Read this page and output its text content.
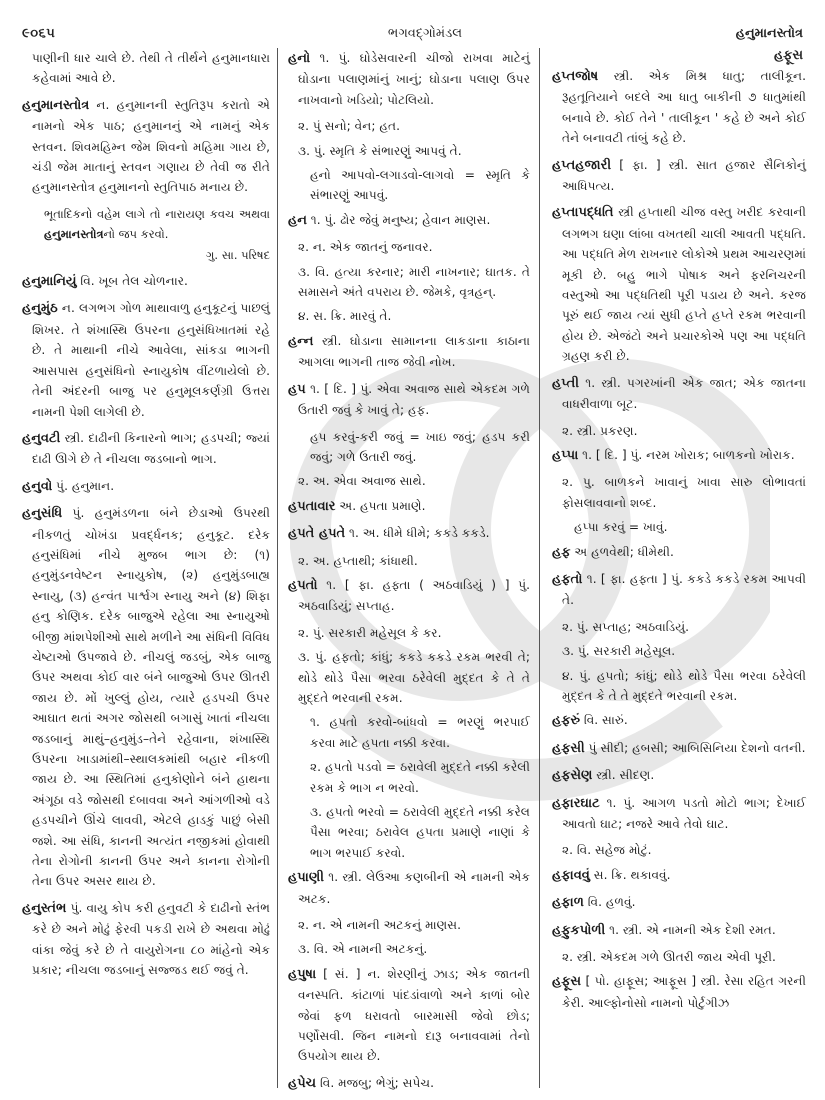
૯૦૬૫	ભગવદ્ગોમંડલ	હનુમાનસ્તોત્ર
હફૂસ

પાણીની ધાર ચાલે છે. તેથી તે તીર્થને હનુમાનધારા કહેવામાં આવે છે.

હનુમાનસ્તોત્ર ન. હનુમાનની સ્તુતિરૂપ કરાતો એ નામનો એક પાઠ; હનુમાનનું એ નામનું એક સ્તવન. શિવમહિમ્ન જેમ શિવનો મહિમા ગાય છે, ચંડી જેમ માતાનું સ્તવન ગણાય છે તેવી જ રીતે હનુમાનસ્તોત્ર હનુમાનનો સ્તુતિપાઠ મનાય છે.
ભૂતાદિકનો વહેમ લાગે તો નારાયણ કવચ અથવા હનુમાનસ્તોત્રનો જપ કરવો.
ગુ. સા. પરિષદ
હનુમાનિયું વિ. ખૂબ તેલ ચોળનાર.
હનુમુંઠ ન. લગભગ ગોળ માથાવાળુ હનુકૂટનું પાછલું શિખર. તે શંખાસ્થિ ઉપરના હનુસંધિખાતમાં રહે છે. તે માથાની નીચે આવેલા, સાંકડા ભાગની આસપાસ હનુસંધિનો સ્નાયુકોષ વીંટળાયેલો છે. તેની અંદરની બાજુ પર હનુમૂલકર્ણગ્રી ઉત્તરા નામની પેશી લાગેલી છે.
હનુવટી સ્ત્રી. દાઢીની કિનારનો ભાગ; હડપચી; જ્યાં દાઢી ઊગે છે તે નીચલા જડબાનો ભાગ.
હનુવો પું. હનુમાન.
હનુસંધિ પું. હનુમંડળના બંને છેડાઓ ઉપરથી નીકળતું ચોખંડા પ્રવર્દ્ધનક; હનુકૂટ. દરેક હનુસંધિમાં નીચે મુજબ ભાગ છે: (૧) હનુમુંડનવેષ્ટન સ્નાયુકોષ, (૨) હનુમુંડબાહ્ય સ્નાયુ, (૩) હન્વંત પાર્શ્વગ સ્નાયુ અને (૪) શિફા હનુ કોણિક. દરેક બાજુએ રહેલા આ સ્નાયુઓ બીજી માંશપેશીઓ સાથે મળીને આ સંધિની વિવિધ ચેષ્ટાઓ ઉપજાવે છે. નીચલું જડબું, એક બાજુ ઉપર અથવા કોઈ વાર બંને બાજુઓ ઉપર ઊતરી જાય છે. મોં ખુલ્લું હોય, ત્યારે હડપચી ઉપર આઘાત થતાં અગર જોસથી બગાસું ખાતાં નીચલા જડબાનું માથું–હનુમુંડ–તેને રહેવાના, શંખાસ્થિ ઉપરના ખાડામાંથી–સ્થાલકમાંથી બહાર નીકળી જાય છે. આ સ્થિતિમાં હનુકોણોને બંને હાથના અંગૂઠા વડે જોસથી દબાવવા અને આંગળીઓ વડે હડપચીને ઊંચે લાવવી, એટલે હાડકું પાછું બેસી જશે. આ સંધિ, કાનની અત્યંત નજીકમાં હોવાથી તેના રોગોની કાનની ઉપર અને કાનના રોગોની તેના ઉપર અસર થાય છે.
હનુસ્તંભ પું. વાયુ કોપ કરી હનુવટી કે દાઢીનો સ્તંભ કરે છે અને મોઢું ફેરવી પકડી રાખે છે અથવા મોઢું વાંકા જેવું કરે છે તે વાયુરોગના ૮૦ માંહેનો એક પ્રકાર; નીચલા જડબાનું સજ્જડ થઈ જવું તે.
હનો ૧. પું. ઘોડેસવારની ચીજો રાખવા માટેનું ઘોડાના પલાણમાંનું ખાનું; ઘોડાના પલાણ ઉપર નાખવાનો ખડિયો; પોટલિયો.
૨. પું સનો; વેન; હત.
૩. પું. સ્મૃતિ કે સંભારણું આપવું તે.
હનો આપવો-લગાડવો-લાગવો = સ્મૃતિ કે સંભારણું આપવું.
હન ૧. પું. ઢોર જેવું મનુષ્ય; હેવાન માણસ.
૨. ન. એક જાતનું જનાવર.
૩. વિ. હત્યા કરનાર; મારી નાખનાર; ઘાતક. તે સમાસને અંતે વપરાય છે. જેમકે, વૃત્રહન્.
૪. સ. ક્રિ. મારવું તે.
હન્ન સ્ત્રી. ઘોડાના સામાનના લાકડાના કાઠાના આગલા ભાગની તાજ જેવી નોખ.
હપ ૧. [ દિ. ] પું. એવા અવાજ સાથે એકદમ ગળે ઉતારી જવું કે ખાવું તે; હફ.
હપ કરવું-કરી જવું = ખાઇ જવું; હડપ કરી જવું; ગળે ઉતારી જવું.
૨. અ. એવા અવાજ સાથે.
હપતાવાર અ. હપતા પ્રમાણે.
હપતે હપતે ૧. અ. ધીમે ધીમે; કકડે કકડે.
૨. અ. હપ્તાથી; કાંધાથી.
હપતો ૧. [ ફા. હફ્તા ( અઠવાડિયું ) ] પું. અઠવાડિયું; સપ્તાહ.
૨. પું. સરકારી મહેસૂલ કે કર.
૩. પું. હફતો; કાંધું; કકડે કકડે રકમ ભરવી તે; થોડે થોડે પૈસા ભરવા ઠરેવેલી મુદ્દત કે તે તે મુદ્દતે ભરવાની રકમ.
૧. હપતો કરવો-બાંધવો = ભરણું ભરપાઈ કરવા માટે હપતા નક્કી કરવા.
૨. હપતો પડવો = ઠરાવેલી મુદ્દતે નક્કી કરેલી રકમ કે ભાગ ન ભરવો.
૩. હપતો ભરવો = ઠરાવેલી મુદ્દતે નક્કી કરેલ પૈસા ભરવા; ઠરાવેલ હપતા પ્રમાણે નાણાં કે ભાગ ભરપાઈ કરવો.
હપાણી ૧. સ્ત્રી. લેઉઆ કણબીની એ નામની એક અટક.
૨. ન. એ નામની અટકનું માણસ.
૩. વિ. એ નામની અટકનું.
હપુષા [ સં. ] ન. શેરણીનું ઝાડ; એક જાતની વનસ્પતિ. કાંટાળાં પાંદડાંવાળો અને કાળાં બોર જેવાં ફળ ધરાવતો બારમાસી જેવો છોડ; પર્ણોસવી. જિન નામનો દારૂ બનાવવામાં તેનો ઉપયોગ થાય છે.
હપેચ વિ. મજબુ; ભેગું; સપેચ.
હપ્તજોષ સ્ત્રી. એક મિશ્ર ધાતુ; તાલીકૂન. રૂહતૂતિયાને બદલે આ ધાતુ બાકીની ૭ ધાતુમાંથી બનાવે છે. કોઈ તેને ' તાલીકૂન ' કહે છે અને કોઈ તેને બનાવટી તાંબું કહે છે.
હપ્તહજારી [ ફા. ] સ્ત્રી. સાત હજાર સૈનિકોનું આધિપત્ય.
હપ્તાપદ્ધતિ સ્ત્રી હપ્તાથી ચીજ વસ્તુ ખરીદ કરવાની લગભગ ઘણા લાંબા વખતથી ચાલી આવતી પદ્ધતિ. આ પદ્ધતિ મેળ રાખનાર લોકોએ પ્રથમ આચરણમાં મૂકી છે. બહુ ભાગે પોષાક અને ફરનિચરની વસ્તુઓ આ પદ્ધતિથી પૂરી પડાય છે અને. કરજ પૂરું થઈ જાય ત્યાં સુધી હપ્તે હપ્તે રકમ ભરવાની હોય છે. એજંટો અને પ્રચારકોએ પણ આ પદ્ધતિ ગ્રહણ કરી છે.
હપ્તી ૧. સ્ત્રી. પગરખાંની એક જાત; એક જાતના વાધરીવાળા બૂટ.
૨. સ્ત્રી. પ્રકરણ.
હપ્પા ૧. [ દિ. ] પું. નરમ ખોરાક; બાળકનો ખોરાક.
૨. પુ. બાળકને ખાવાનું ખાવા સારુ લોભાવતાં ફોસલાવવાનો શબ્દ.
હપ્પા કરવું = ખાવું.
હફ અ હળવેથી; ધીમેથી.
હફતો ૧. [ ફા. હફ્તા ] પું. કકડે કકડે રકમ આપવી તે.
૨. પું. સપ્તાહ; અઠવાડિયું.
૩. પું. સરકારી મહેસૂલ.
૪. પું. હપતો; કાંધું; થોડે થોડે પૈસા ભરવા ઠરેવેલી મુદ્દત કે તે તે મુદ્દતે ભરવાની રકમ.
હફરું વિ. સારું.
હફસી પું સીદી; હબસી; આબિસિનિયા દેશનો વતની.
હફસેણ સ્ત્રી. સીદણ.
હફારઘાટ ૧. પું. આગળ પડતો મોટો ભાગ; દેખાઈ આવતો ઘાટ; નજરે આવે તેવો ઘાટ.
૨. વિ. સહેજ મોટું.
હફાવવું સ. ક્રિ. થકાવવું.
હફાળ વિ. હળવું.
હફુકપોળી ૧. સ્ત્રી. એ નામની એક દેશી રમત.
૨. સ્ત્રી. એકદમ ગળે ઊતરી જાય એવી પૂરી.
હફૂસ [ પો. હાફૂસ; આફૂસ ] સ્ત્રી. રેસા રહિત ગરની કેરી. આલ્ફોનોસો નામનો પોર્ટુગીઝ
